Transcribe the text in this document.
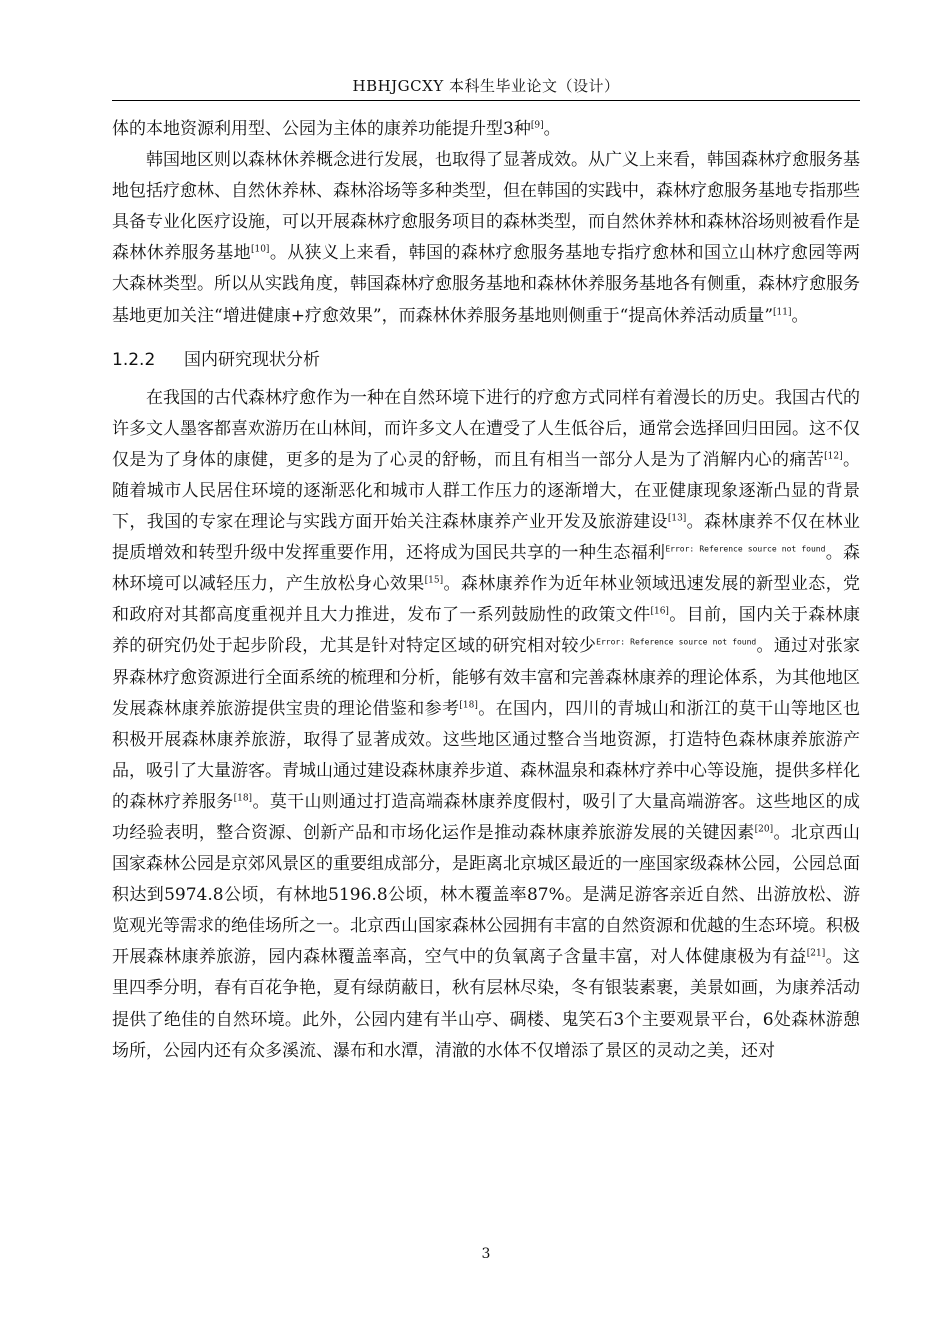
HBHJGCXY 本科生毕业论文（设计）

体的本地资源利用型、公园为主体的康养功能提升型3种[9]。

韩国地区则以森林休养概念进行发展，也取得了显著成效。从广义上来看，韩国森林疗愈服务基地包括疗愈林、自然休养林、森林浴场等多种类型，但在韩国的实践中，森林疗愈服务基地专指那些具备专业化医疗设施，可以开展森林疗愈服务项目的森林类型，而自然休养林和森林浴场则被看作是森林休养服务基地[10]。从狭义上来看，韩国的森林疗愈服务基地专指疗愈林和国立山林疗愈园等两大森林类型。所以从实践角度，韩国森林疗愈服务基地和森林休养服务基地各有侧重，森林疗愈服务基地更加关注“增进健康+疗愈效果”，而森林休养服务基地则侧重于“提高休养活动质量”[11]。

1.2.2 国内研究现状分析

在我国的古代森林疗愈作为一种在自然环境下进行的疗愈方式同样有着漫长的历史。我国古代的许多文人墨客都喜欢游历在山林间，而许多文人在遭受了人生低谷后，通常会选择回归田园。这不仅仅是为了身体的康健，更多的是为了心灵的舒畅，而且有相当一部分人是为了消解内心的痛苦[12]。随着城市人民居住环境的逐渐恶化和城市人群工作压力的逐渐增大，在亚健康现象逐渐凸显的背景下，我国的专家在理论与实践方面开始关注森林康养产业开发及旅游建设[13]。森林康养不仅在林业提质增效和转型升级中发挥重要作用，还将成为国民共享的一种生态福利$^{Error: Reference source not found}$。森林环境可以减轻压力，产生放松身心效果[15]。森林康养作为近年林业领域迅速发展的新型业态，党和政府对其都高度重视并且大力推进，发布了一系列鼓励性的政策文件[16]。目前，国内关于森林康养的研究仍处于起步阶段，尤其是针对特定区域的研究相对较少$^{Error: Reference source not found}$。通过对张家界森林疗愈资源进行全面系统的梳理和分析，能够有效丰富和完善森林康养的理论体系，为其他地区发展森林康养旅游提供宝贵的理论借鉴和参考[18]。在国内，四川的青城山和浙江的莫干山等地区也积极开展森林康养旅游，取得了显著成效。这些地区通过整合当地资源，打造特色森林康养旅游产品，吸引了大量游客。青城山通过建设森林康养步道、森林温泉和森林疗养中心等设施，提供多样化的森林疗养服务[18]。莫干山则通过打造高端森林康养度假村，吸引了大量高端游客。这些地区的成功经验表明，整合资源、创新产品和市场化运作是推动森林康养旅游发展的关键因素[20]。北京西山国家森林公园是京郊风景区的重要组成部分，是距离北京城区最近的一座国家级森林公园，公园总面积达到5974.8公顷，有林地5196.8公顷，林木覆盖率87%。是满足游客亲近自然、出游放松、游览观光等需求的绝佳场所之一。北京西山国家森林公园拥有丰富的自然资源和优越的生态环境。积极开展森林康养旅游，园内森林覆盖率高，空气中的负氧离子含量丰富，对人体健康极为有益[21]。这里四季分明，春有百花争艳，夏有绿荫蔽日，秋有层林尽染，冬有银装素裹，美景如画，为康养活动提供了绝佳的自然环境。此外，公园内建有半山亭、碉楼、鬼笑石3个主要观景平台，6处森林游憩场所，公园内还有众多溪流、瀑布和水潭，清澈的水体不仅增添了景区的灵动之美，还对

3
